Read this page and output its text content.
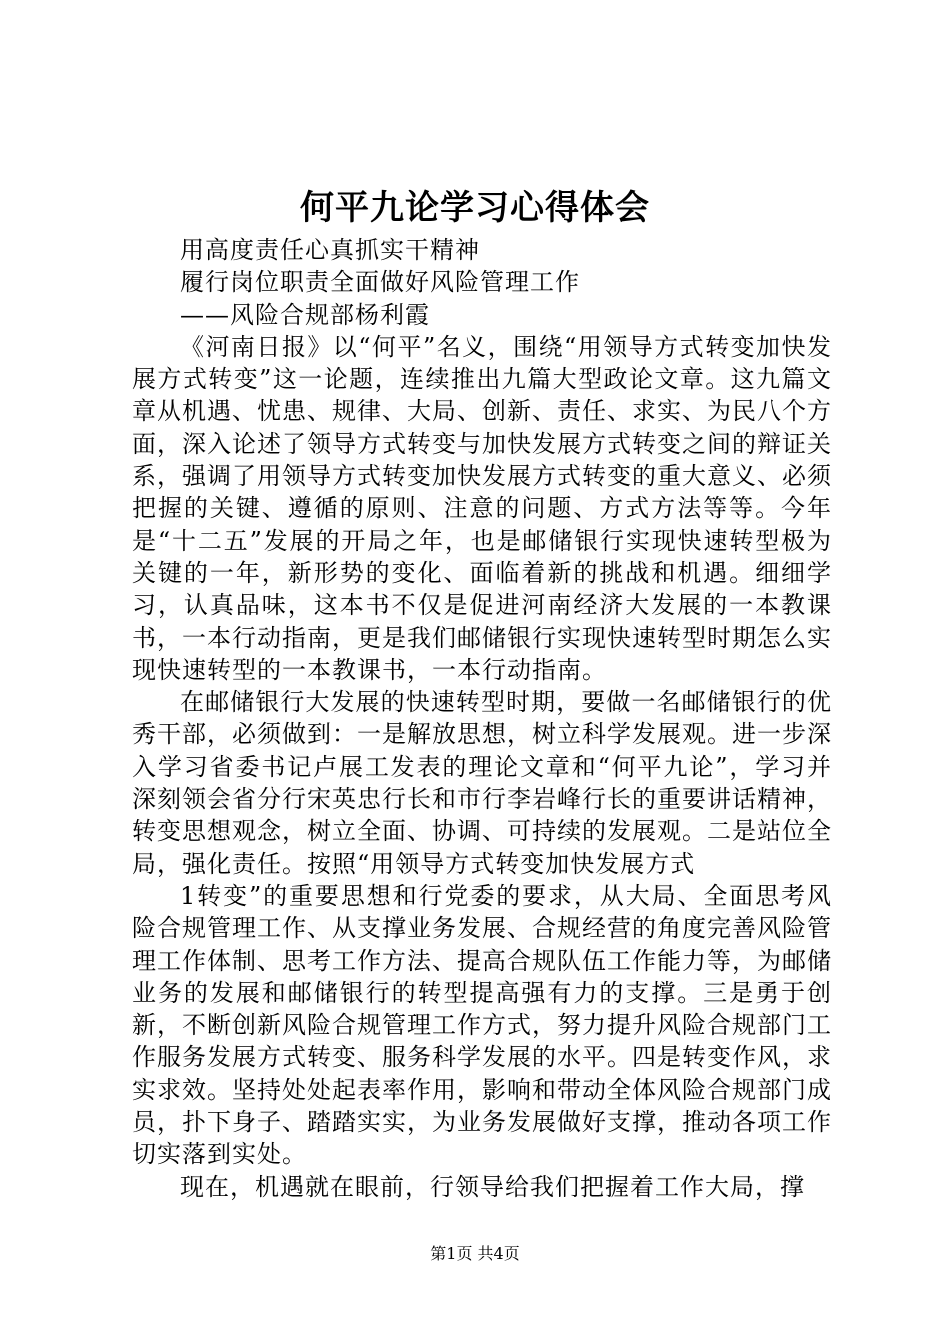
何平九论学习心得体会
用高度责任心真抓实干精神
履行岗位职责全面做好风险管理工作
——风险合规部杨利霞

《河南日报》以“何平”名义，围绕“用领导方式转变加快发展方式转变”这一论题，连续推出九篇大型政论文章。这九篇文章从机遇、忧患、规律、大局、创新、责任、求实、为民八个方面，深入论述了领导方式转变与加快发展方式转变之间的辩证关系，强调了用领导方式转变加快发展方式转变的重大意义、必须把握的关键、遵循的原则、注意的问题、方式方法等等。今年是“十二五”发展的开局之年，也是邮储银行实现快速转型极为关键的一年，新形势的变化、面临着新的挑战和机遇。细细学习，认真品味，这本书不仅是促进河南经济大发展的一本教课书，一本行动指南，更是我们邮储银行实现快速转型时期怎么实现快速转型的一本教课书，一本行动指南。

在邮储银行大发展的快速转型时期，要做一名邮储银行的优秀干部，必须做到：一是解放思想，树立科学发展观。进一步深入学习省委书记卢展工发表的理论文章和“何平九论”，学习并深刻领会省分行宋英忠行长和市行李岩峰行长的重要讲话精神，转变思想观念，树立全面、协调、可持续的发展观。二是站位全局，强化责任。按照“用领导方式转变加快发展方式

1转变”的重要思想和行党委的要求，从大局、全面思考风险合规管理工作、从支撑业务发展、合规经营的角度完善风险管理工作体制、思考工作方法、提高合规队伍工作能力等，为邮储业务的发展和邮储银行的转型提高强有力的支撑。三是勇于创新，不断创新风险合规管理工作方式，努力提升风险合规部门工作服务发展方式转变、服务科学发展的水平。四是转变作风，求实求效。坚持处处起表率作用，影响和带动全体风险合规部门成员，扑下身子、踏踏实实，为业务发展做好支撑，推动各项工作切实落到实处。

现在，机遇就在眼前，行领导给我们把握着工作大局，撑

第1页 共4页
